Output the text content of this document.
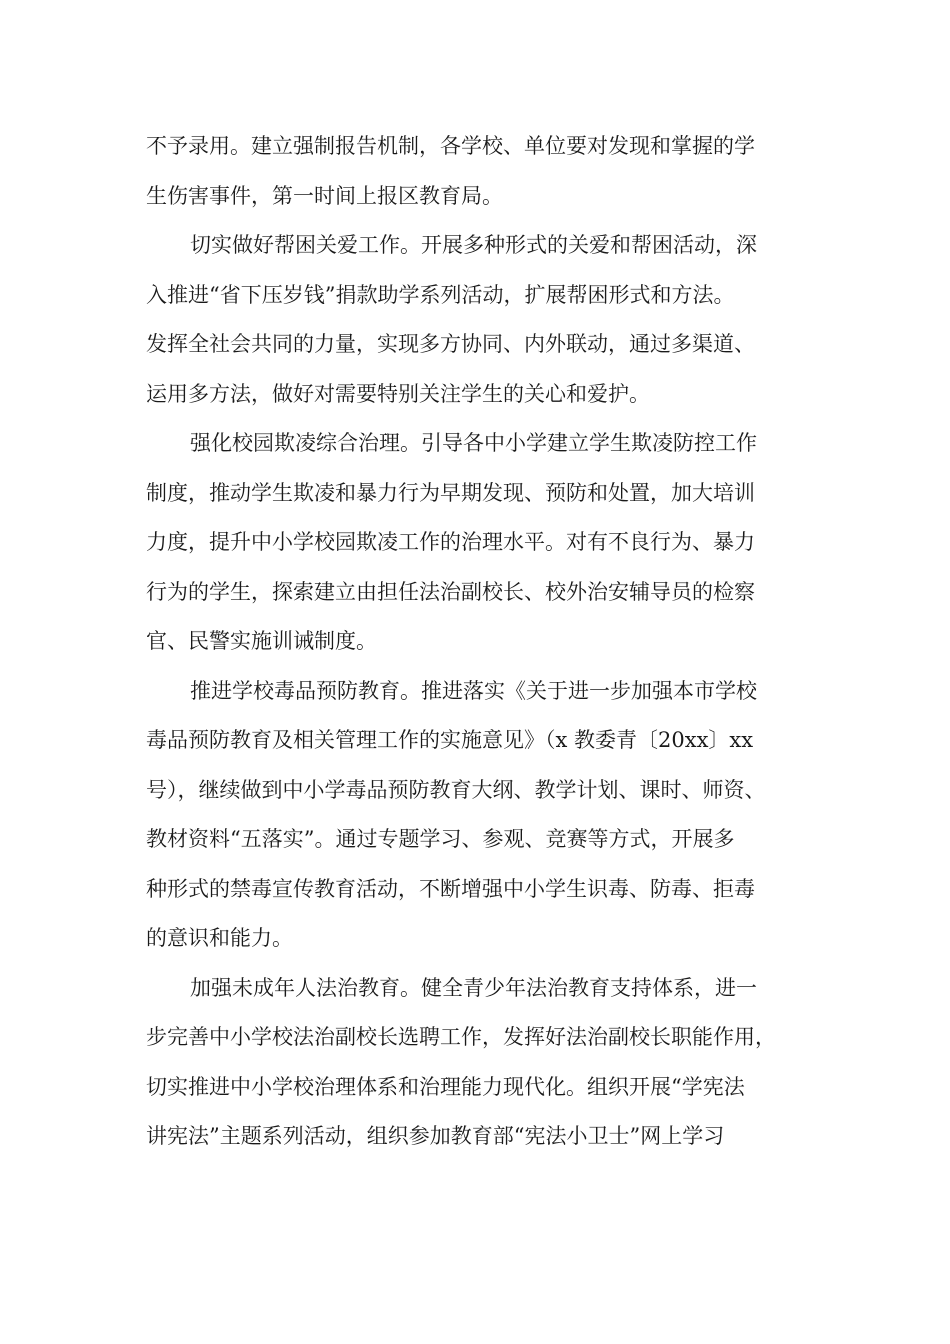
不予录用。建立强制报告机制，各学校、单位要对发现和掌握的学
生伤害事件，第一时间上报区教育局。
切实做好帮困关爱工作。开展多种形式的关爱和帮困活动，深
入推进“省下压岁钱”捐款助学系列活动，扩展帮困形式和方法。
发挥全社会共同的力量，实现多方协同、内外联动，通过多渠道、
运用多方法，做好对需要特别关注学生的关心和爱护。
强化校园欺凌综合治理。引导各中小学建立学生欺凌防控工作
制度，推动学生欺凌和暴力行为早期发现、预防和处置，加大培训
力度，提升中小学校园欺凌工作的治理水平。对有不良行为、暴力
行为的学生，探索建立由担任法治副校长、校外治安辅导员的检察
官、民警实施训诫制度。
推进学校毒品预防教育。推进落实《关于进一步加强本市学校
毒品预防教育及相关管理工作的实施意见》（x 教委青〔20xx〕xx
号），继续做到中小学毒品预防教育大纲、教学计划、课时、师资、
教材资料“五落实”。通过专题学习、参观、竞赛等方式，开展多
种形式的禁毒宣传教育活动，不断增强中小学生识毒、防毒、拒毒
的意识和能力。
加强未成年人法治教育。健全青少年法治教育支持体系，进一
步完善中小学校法治副校长选聘工作，发挥好法治副校长职能作用，
切实推进中小学校治理体系和治理能力现代化。组织开展“学宪法
讲宪法”主题系列活动，组织参加教育部“宪法小卫士”网上学习
